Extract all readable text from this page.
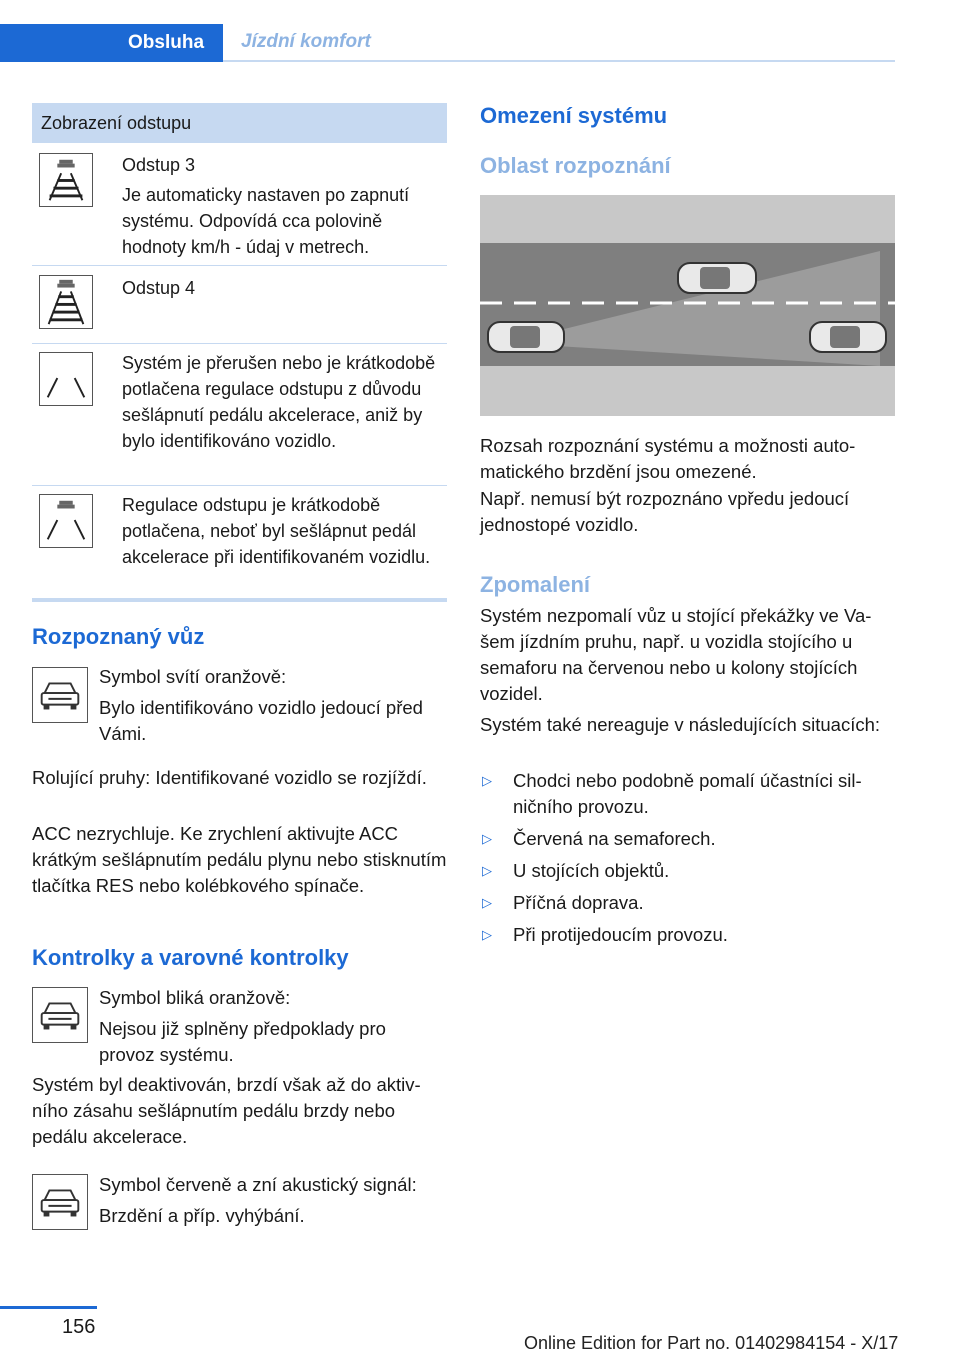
Obsluha Jízdní komfort
Zobrazení odstupu

Odstup 3

Je automaticky nastaven po zapnutí systému. Odpovídá cca polovině hodnoty km/h - údaj v metrech.

Odstup 4

Systém je přerušen nebo je krátkodobě potlačena regulace odstupu z důvodu sešlápnutí pedálu akcelerace, aniž by bylo identifikováno vozidlo.

Regulace odstupu je krátkodobě potlačena, neboť byl sešlápnut pedál akcelerace při identifikovaném vozidlu.

Rozpoznaný vůz

Symbol svítí oranžově:

Bylo identifikováno vozidlo jedoucí před Vámi.

Rolující pruhy: Identifikované vozidlo se rozjíždí.

ACC nezrychluje. Ke zrychlení aktivujte ACC krátkým sešlápnutím pedálu plynu nebo stisknutím tlačítka RES nebo kolébkového spínače.

Kontrolky a varovné kontrolky

Symbol bliká oranžově:

Nejsou již splněny předpoklady pro provoz systému.

Systém byl deaktivován, brzdí však až do aktivního zásahu sešlápnutím pedálu brzdy nebo pedálu akcelerace.

Symbol červeně a zní akustický signál:

Brzdění a příp. vyhýbání.

Omezení systému
Oblast rozpoznání

Rozsah rozpoznání systému a možnosti automatického brzdění jsou omezené.

Např. nemusí být rozpoznáno vpředu jedoucí jednostopé vozidlo.

Zpomalení

Systém nezpomalí vůz u stojící překážky ve Vašem jízdním pruhu, např. u vozidla stojícího u semaforu na červenou nebo u kolony stojících vozidel.

Systém také nereaguje v následujících situacích:

▷ Chodci nebo podobně pomalí účastníci silničního provozu.
▷ Červená na semaforech.
▷ U stojících objektů.
▷ Příčná doprava.
▷ Při protijedoucím provozu.
156
Online Edition for Part no. 01402984154 - X/17
